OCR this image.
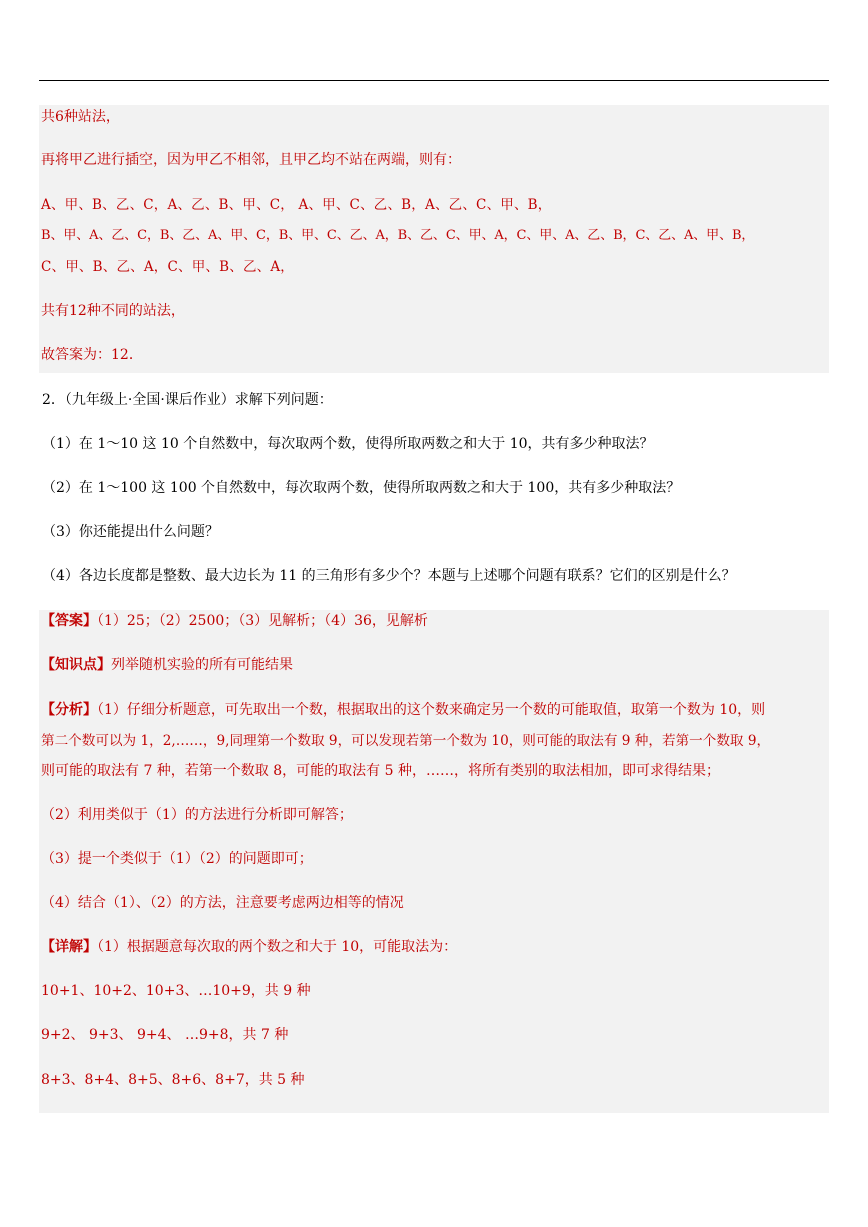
共6种站法，
再将甲乙进行插空，因为甲乙不相邻，且甲乙均不站在两端，则有：
A、甲、B、乙、C，A、乙、B、甲、C， A、甲、C、乙、B，A、乙、C、甲、B，
B、甲、A、乙、C，B、乙、A、甲、C，B、甲、C、乙、A，B、乙、C、甲、A，C、甲、A、乙、B，C、乙、A、甲、B，
C、甲、B、乙、A，C、甲、B、乙、A，
共有12种不同的站法，
故答案为：12．
2．（九年级上·全国·课后作业）求解下列问题：
（1）在 1～10 这 10 个自然数中，每次取两个数，使得所取两数之和大于 10，共有多少种取法？
（2）在 1～100 这 100 个自然数中，每次取两个数，使得所取两数之和大于 100，共有多少种取法？
（3）你还能提出什么问题？
（4）各边长度都是整数、最大边长为 11 的三角形有多少个？本题与上述哪个问题有联系？它们的区别是什么？
【答案】（1）25；（2）2500；（3）见解析；（4）36，见解析
【知识点】列举随机实验的所有可能结果
【分析】（1）仔细分析题意，可先取出一个数，根据取出的这个数来确定另一个数的可能取值，取第一个数为 10，则
第二个数可以为 1，2,……，9,同理第一个数取 9，可以发现若第一个数为 10，则可能的取法有 9 种，若第一个数取 9，
则可能的取法有 7 种，若第一个数取 8，可能的取法有 5 种，……，将所有类别的取法相加，即可求得结果；
（2）利用类似于（1）的方法进行分析即可解答；
（3）提一个类似于（1）（2）的问题即可；
（4）结合（1）、（2）的方法，注意要考虑两边相等的情况
【详解】（1）根据题意每次取的两个数之和大于 10，可能取法为：
10+1、10+2、10+3、…10+9，共 9 种
9+2、 9+3、 9+4、 …9+8，共 7 种
8+3、8+4、8+5、8+6、8+7，共 5 种
